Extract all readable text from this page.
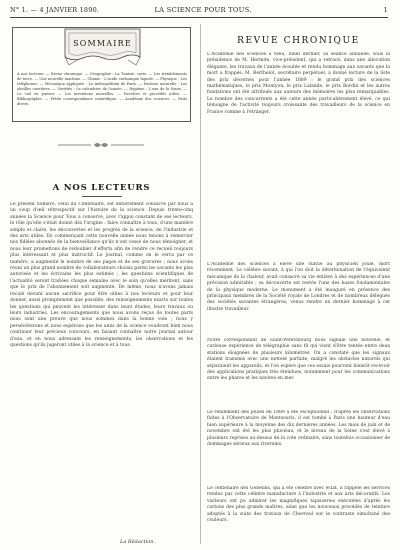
N° 1. — 4 JANVIER 1890.	LA SCIENCE POUR TOUS.	1
SOMMAIRE
A nos lecteurs. — Revue chronique. — Géographie : La Tunisie, carte. — Les tremblements de terre. — Une nouvelle machine. — Chimie : L'acide carbonique liquide. — Physique : Les téléphones. — Mécanique appliquée : Le métropolitain de Paris. — Histoire naturelle : Les abeilles ouvrières. — Variétés : Le calendrier de l'année. — Hygiène : L'eau de la Seine. — Le ciel en janvier. — Les inventions nouvelles. — Recettes et procédés utiles. — Bibliographie. — Petite correspondance scientifique. — Académie des sciences. — Faits divers.
A NOS LECTEURS
Le présent numéro, celui du Centenaire, est entièrement consacré par nous à un coup d'œil rétrospectif sur l'histoire de la science. Depuis trente-cinq années la Science pour Tous a conservé, avec l'appui constant de ses lecteurs, le rôle qu'elle s'était donné dès l'origine : faire connaître à tous, d'une manière simple et claire, les découvertes et les progrès de la science, de l'industrie et des arts utiles. En commençant cette nouvelle année nous tenons à remercier nos fidèles abonnés de la bienveillance qu'ils n'ont cessé de nous témoigner, et nous leur promettons de redoubler d'efforts afin de rendre ce recueil toujours plus intéressant et plus instructif. Le journal, comme on le verra par ce numéro, a augmenté le nombre de ses pages et de ses gravures ; nous avons réuni un plus grand nombre de collaborateurs choisis parmi les savants les plus autorisés et les écrivains les plus estimés ; les questions scientifiques de l'actualité seront traitées chaque semaine avec le soin qu'elles méritent, sans que le prix de l'abonnement soit augmenté. De même, nous n'avons jamais reculé devant aucun sacrifice pour être utiles à nos lecteurs et pour leur donner, aussi promptement que possible, des renseignements exacts sur toutes les questions qui peuvent les intéresser dans leurs études, leurs travaux ou leurs industries. Les encouragements que nous avons reçus de toutes parts nous sont une preuve que nous sommes dans la bonne voie ; nous y persévérerons et nous espérons que les amis de la science voudront bien nous continuer leur précieux concours, en faisant connaître notre journal autour d'eux, et en nous adressant les renseignements, les observations et les questions qu'ils jugeront utiles à la science et à tous.
La Rédaction.
REVUE CHRONIQUE
L'Académie des sciences a tenu, lundi dernier, sa séance annuelle, sous la présidence de M. Hermite, vice-président, qui a retracé, dans une allocution élégante, les travaux de l'année écoulée et rendu hommage aux savants que la mort a frappés. M. Berthelot, secrétaire perpétuel, a donné lecture de la liste des prix décernés pour l'année 1889 : le grand prix des sciences mathématiques, le prix Montyon, le prix Lalande, le prix Bordin et les autres fondations ont été attribués aux auteurs des mémoires les plus remarquables. Le nombre des concurrents a été cette année particulièrement élevé, ce qui témoigne de l'activité toujours croissante des travailleurs de la science en France comme à l'étranger.
L'Académie des sciences a élevé une statue au physicien Joule, mort récemment. Le célèbre savant, à qui l'on doit la détermination de l'équivalent mécanique de la chaleur, avait consacré sa vie entière à des expériences d'une précision admirable ; sa découverte est restée l'une des bases fondamentales de la physique moderne. Le monument a été inauguré en présence des principaux membres de la Société royale de Londres et de nombreux délégués des sociétés savantes étrangères, venus rendre un dernier hommage à cet illustre travailleur.
Notre correspondant de Saint-Pétersbourg nous signale une nouvelle, et curieuse expérience de télégraphie sans fil qui vient d'être tentée entre deux stations éloignées de plusieurs kilomètres. On a constaté que les signaux étaient transmis avec une netteté parfaite, malgré les obstacles naturels qui séparaient les appareils, et l'on espère que ces essais pourront bientôt recevoir des applications pratiques très étendues, notamment pour les communications entre les phares et les navires en mer.
Le rendement des pluies en 1889 a été exceptionnel ; d'après les observations faites à l'Observatoire de Montsouris, il est tombé à Paris une hauteur d'eau bien supérieure à la moyenne des dix dernières années. Les mois de juin et de novembre ont été les plus pluvieux, et le niveau de la Seine s'est élevé à plusieurs reprises au-dessus de la cote ordinaire, sans toutefois occasionner de dommages sérieux aux riverains.
Le centenaire des Gobelins, qui a été célébré avec éclat, a rappelé les services rendus par cette célèbre manufacture à l'industrie et aux arts décoratifs. Les visiteurs ont pu admirer les magnifiques tapisseries exécutées d'après les cartons des plus grands maîtres, ainsi que les nouveaux procédés de teinture adoptés à la suite des travaux de Chevreul sur le contraste simultané des couleurs.
